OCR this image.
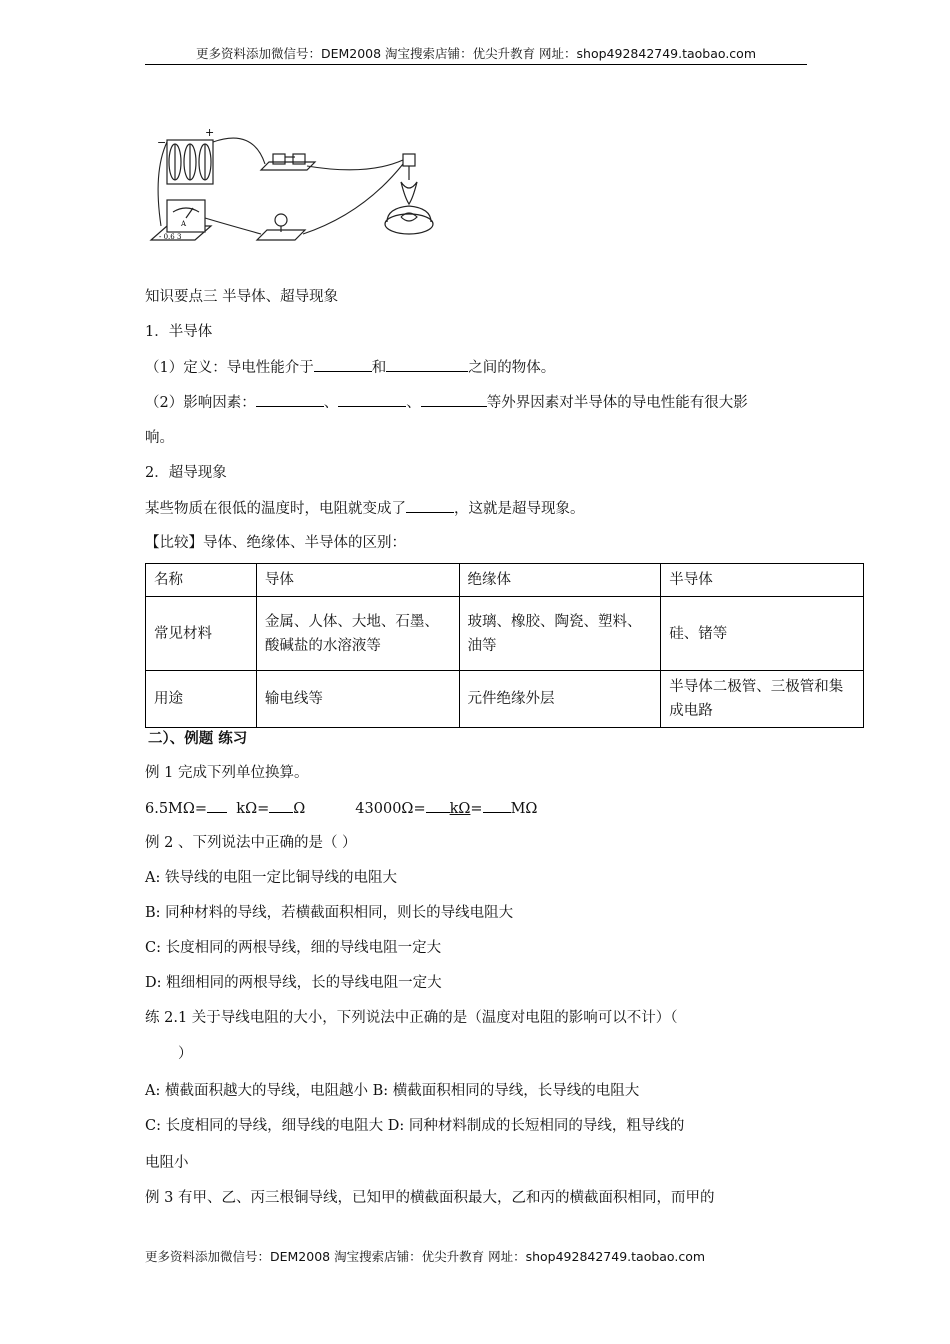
更多资料添加微信号：DEM2008 淘宝搜索店铺：优尖升教育 网址：shop492842749.taobao.com
−
+
A
- 0.6 3
知识要点三 半导体、超导现象
1．半导体
（1）定义：导电性能介于	和	之间的物体。
（2）影响因素：	、	、	等外界因素对半导体的导电性能有很大影
响。
2．超导现象
某些物质在很低的温度时，电阻就变成了	，这就是超导现象。
【比较】导体、绝缘体、半导体的区别：
名称	导体	绝缘体	半导体
常见材料	金属、人体、大地、石墨、酸碱盐的水溶液等	玻璃、橡胶、陶瓷、塑料、油等	硅、锗等
用途	输电线等	元件绝缘外层	半导体二极管、三极管和集成电路
二）、例题 练习
例 1 完成下列单位换算。
6.5MΩ= kΩ= Ω	43000Ω= kΩ= MΩ
例 2 、下列说法中正确的是（ ）
A: 铁导线的电阻一定比铜导线的电阻大
B: 同种材料的导线，若横截面积相同，则长的导线电阻大
C: 长度相同的两根导线，细的导线电阻一定大
D: 粗细相同的两根导线，长的导线电阻一定大
练 2.1 关于导线电阻的大小，下列说法中正确的是（温度对电阻的影响可以不计）（
）
A: 横截面积越大的导线，电阻越小 B: 横截面积相同的导线，长导线的电阻大
C: 长度相同的导线，细导线的电阻大 D: 同种材料制成的长短相同的导线，粗导线的
电阻小
例 3 有甲、乙、丙三根铜导线，已知甲的横截面积最大，乙和丙的横截面积相同，而甲的
更多资料添加微信号：DEM2008 淘宝搜索店铺：优尖升教育 网址：shop492842749.taobao.com
